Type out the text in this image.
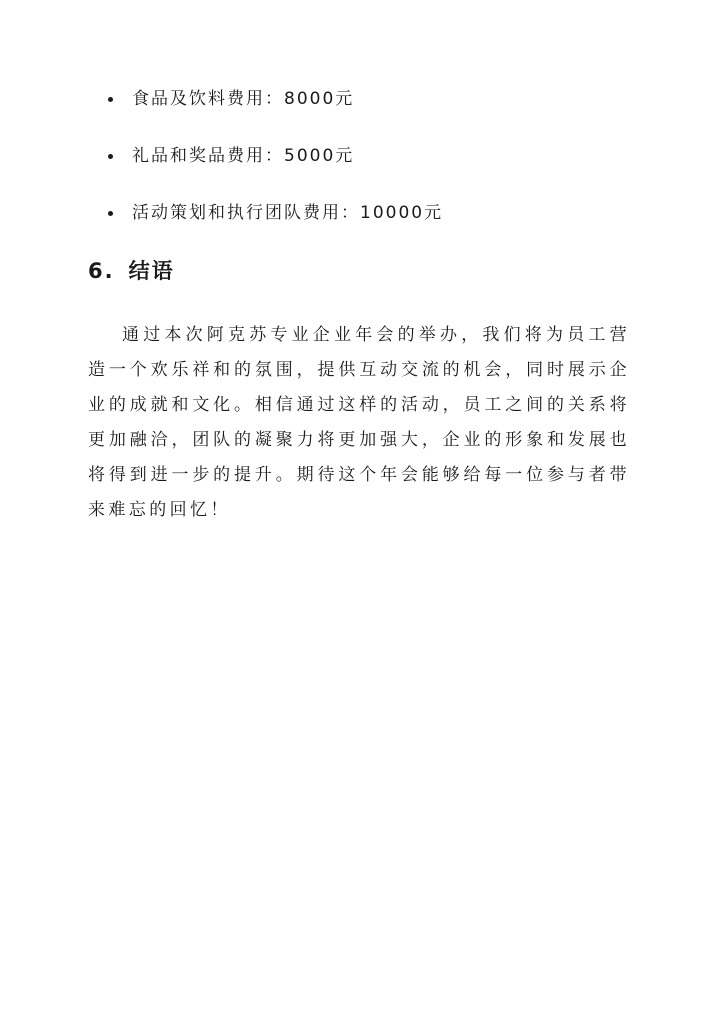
食品及饮料费用：8000元
礼品和奖品费用：5000元
活动策划和执行团队费用：10000元
6. 结语

通过本次阿克苏专业企业年会的举办，我们将为员工营造一个欢乐祥和的氛围，提供互动交流的机会，同时展示企业的成就和文化。相信通过这样的活动，员工之间的关系将更加融洽，团队的凝聚力将更加强大，企业的形象和发展也将得到进一步的提升。期待这个年会能够给每一位参与者带来难忘的回忆！
